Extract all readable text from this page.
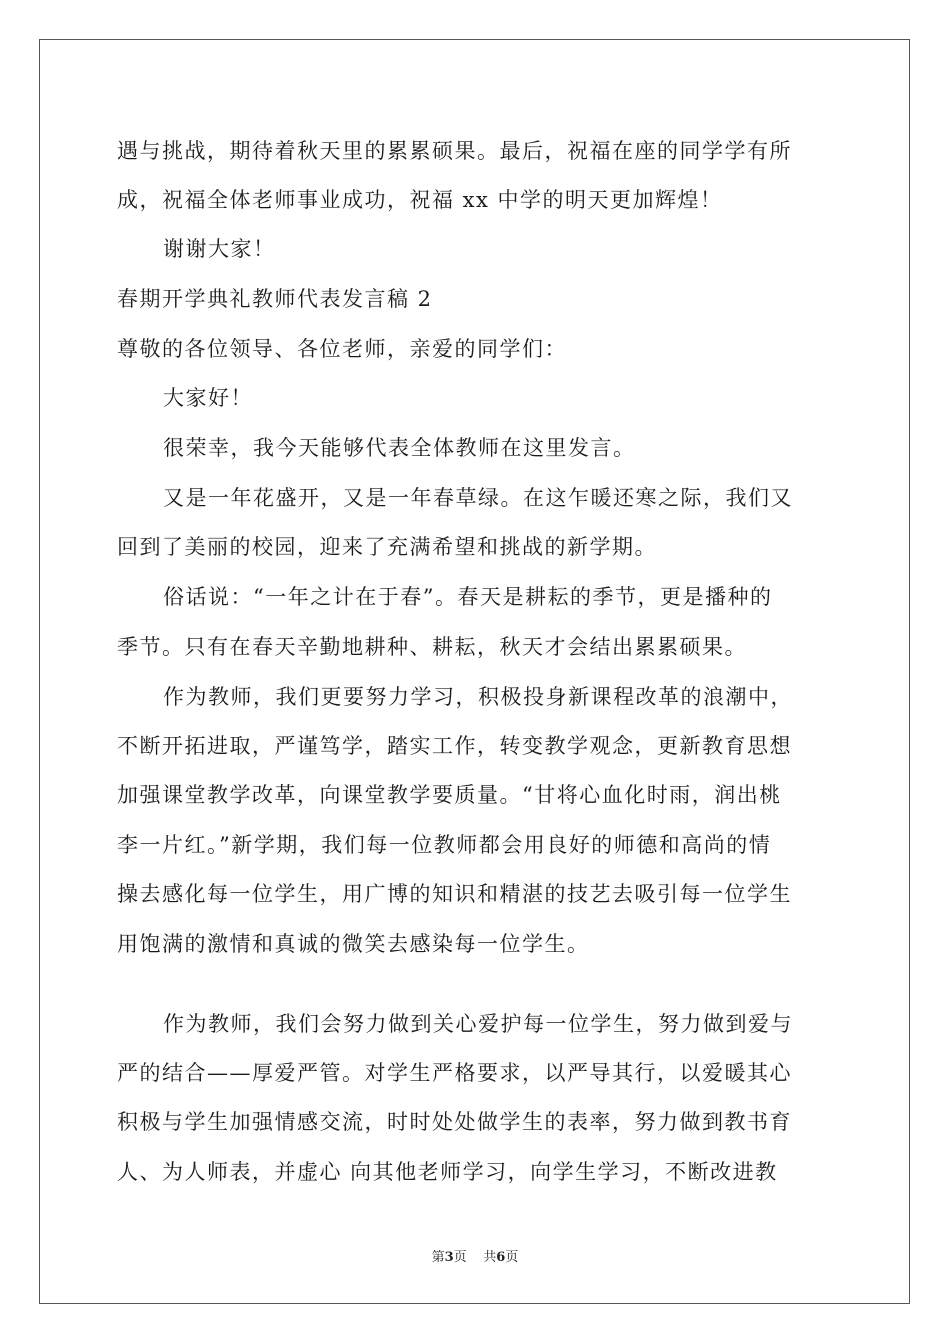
遇与挑战，期待着秋天里的累累硕果。最后，祝福在座的同学学有所
成，祝福全体老师事业成功，祝福 xx 中学的明天更加辉煌！
谢谢大家！
春期开学典礼教师代表发言稿 2
尊敬的各位领导、各位老师，亲爱的同学们：
大家好！
很荣幸，我今天能够代表全体教师在这里发言。
又是一年花盛开，又是一年春草绿。在这乍暖还寒之际，我们又
回到了美丽的校园，迎来了充满希望和挑战的新学期。
俗话说：“一年之计在于春”。春天是耕耘的季节，更是播种的
季节。只有在春天辛勤地耕种、耕耘，秋天才会结出累累硕果。
作为教师，我们更要努力学习，积极投身新课程改革的浪潮中，
不断开拓进取，严谨笃学，踏实工作，转变教学观念，更新教育思想
加强课堂教学改革，向课堂教学要质量。“甘将心血化时雨，润出桃
李一片红。”新学期，我们每一位教师都会用良好的师德和高尚的情
操去感化每一位学生，用广博的知识和精湛的技艺去吸引每一位学生
用饱满的激情和真诚的微笑去感染每一位学生。
作为教师，我们会努力做到关心爱护每一位学生，努力做到爱与
严的结合——厚爱严管。对学生严格要求，以严导其行，以爱暖其心
积极与学生加强情感交流，时时处处做学生的表率，努力做到教书育
人、为人师表，并虚心 向其他老师学习，向学生学习，不断改进教
第3页 共6页
